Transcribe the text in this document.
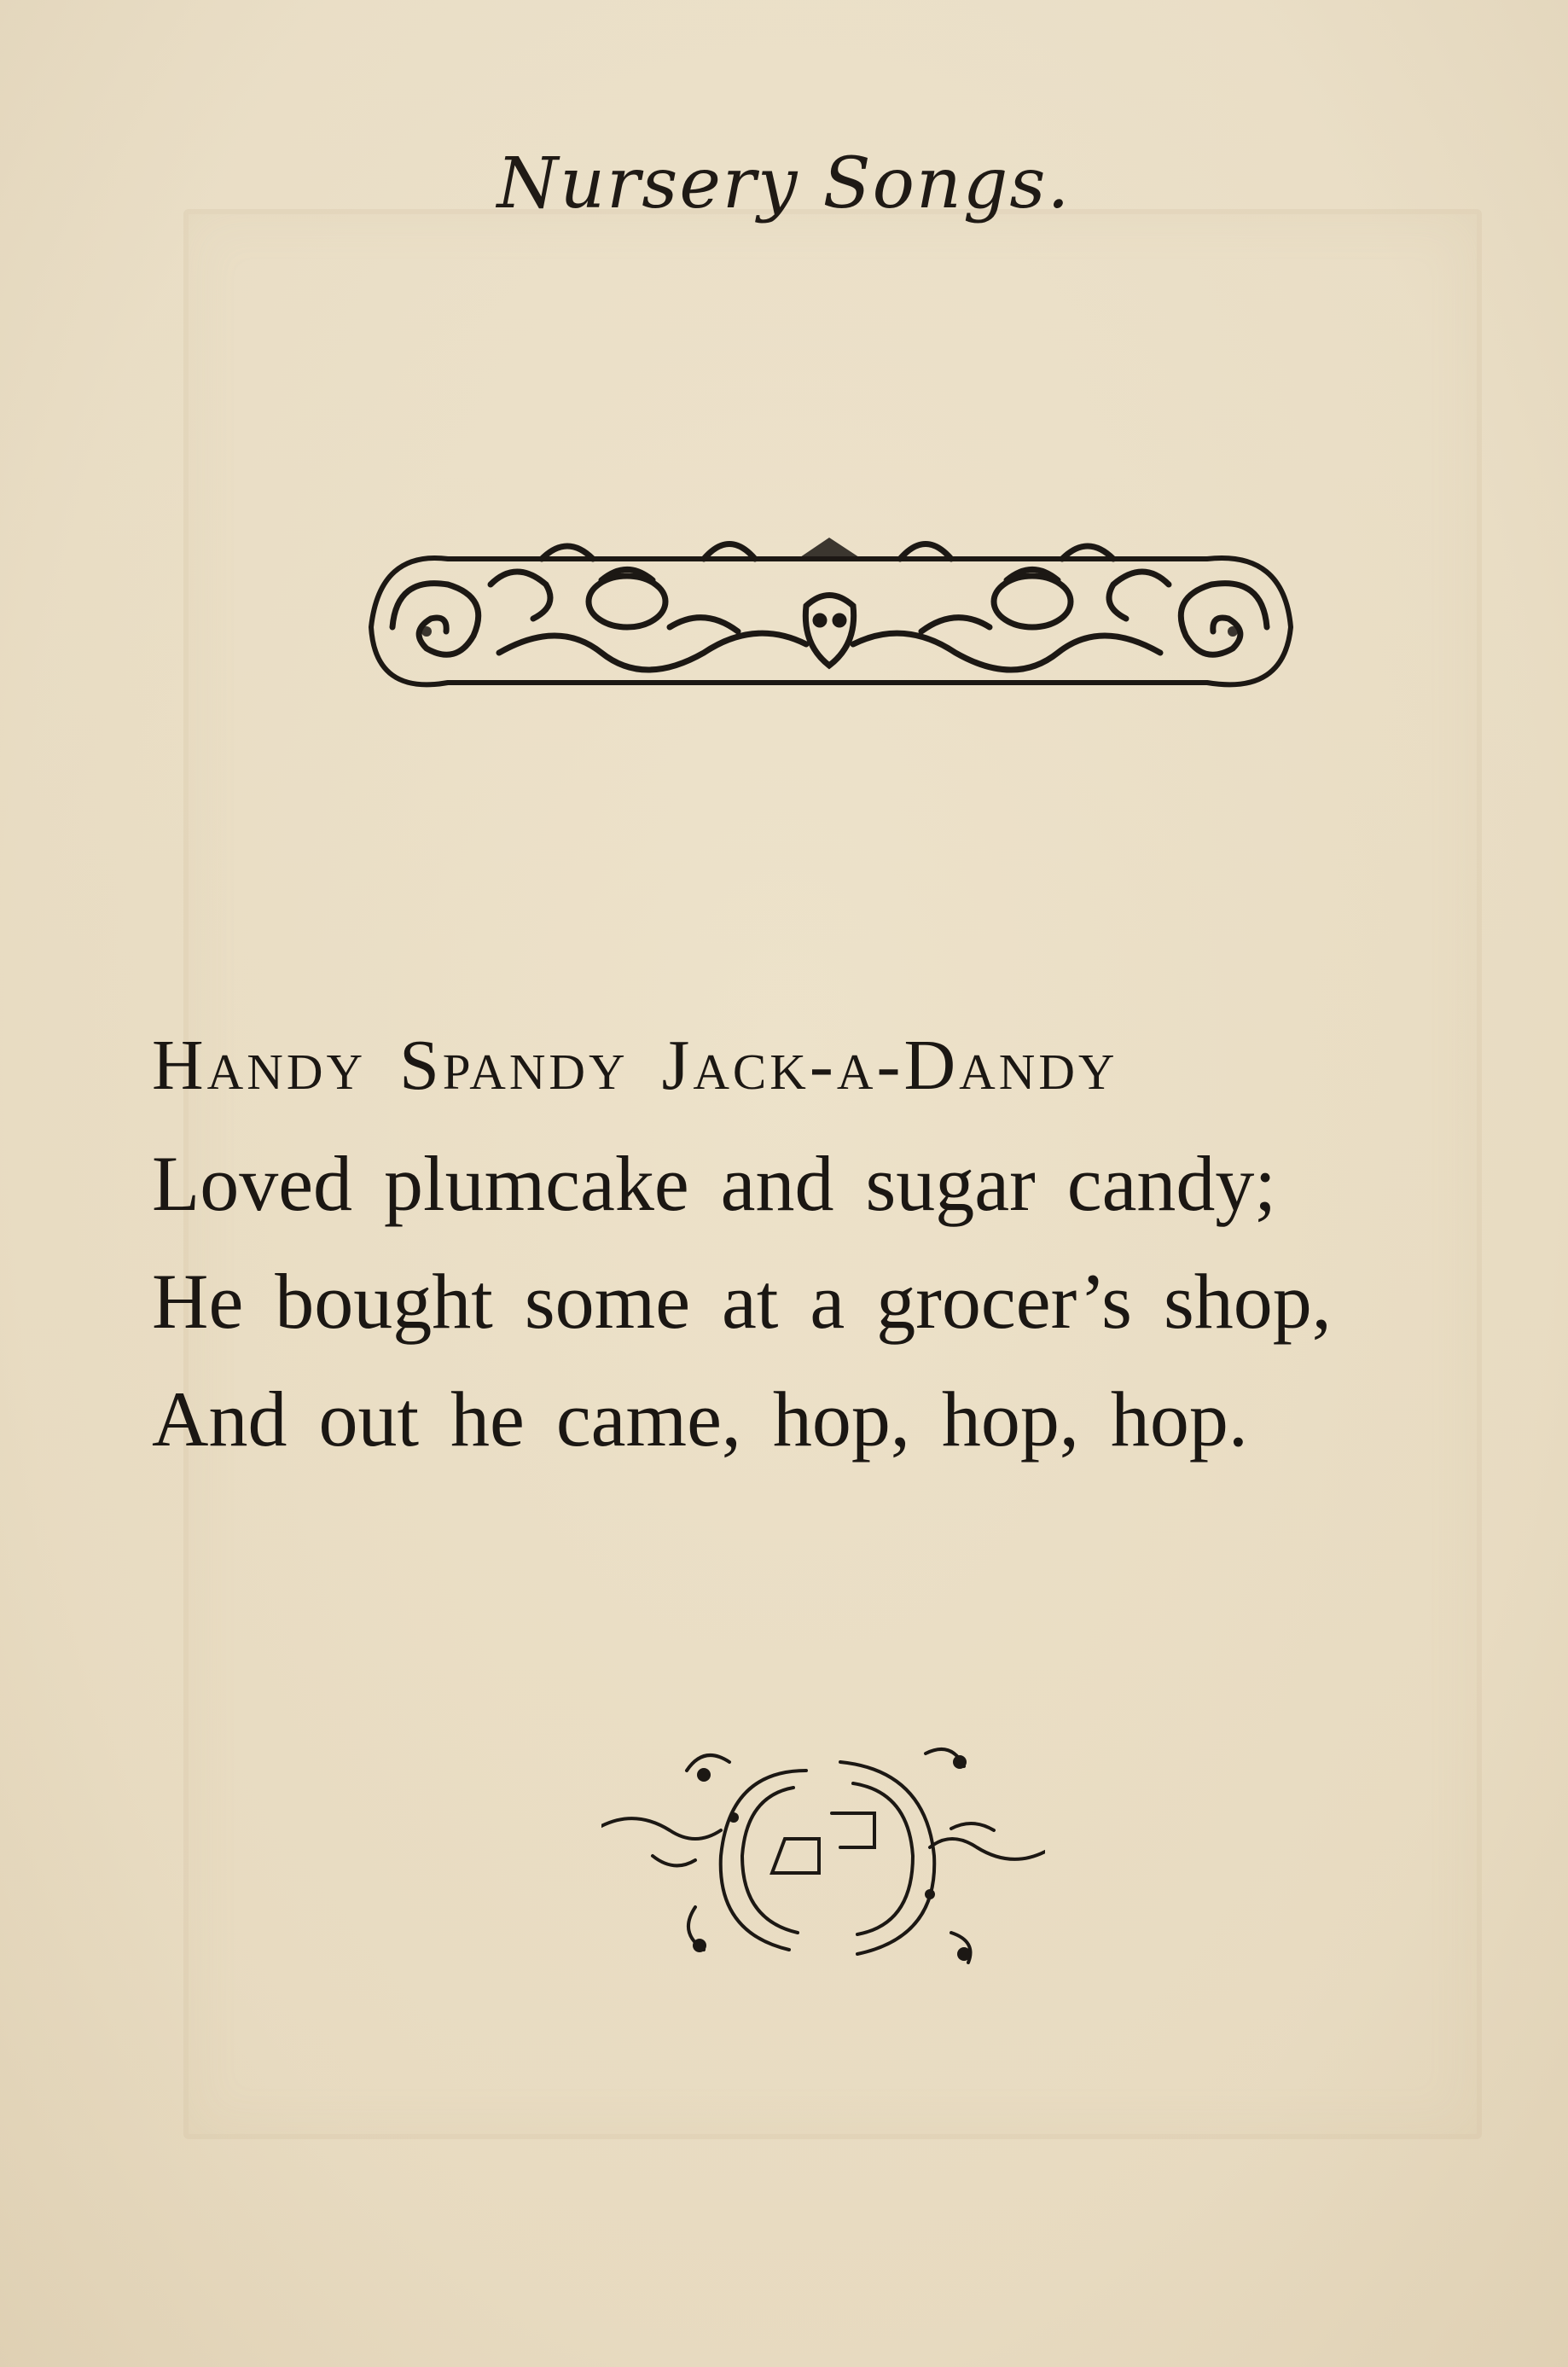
Nursery Songs.
Handy Spandy Jack-a-Dandy
Loved plumcake and sugar candy;
He bought some at a grocer’s shop,
And out he came, hop, hop, hop.
